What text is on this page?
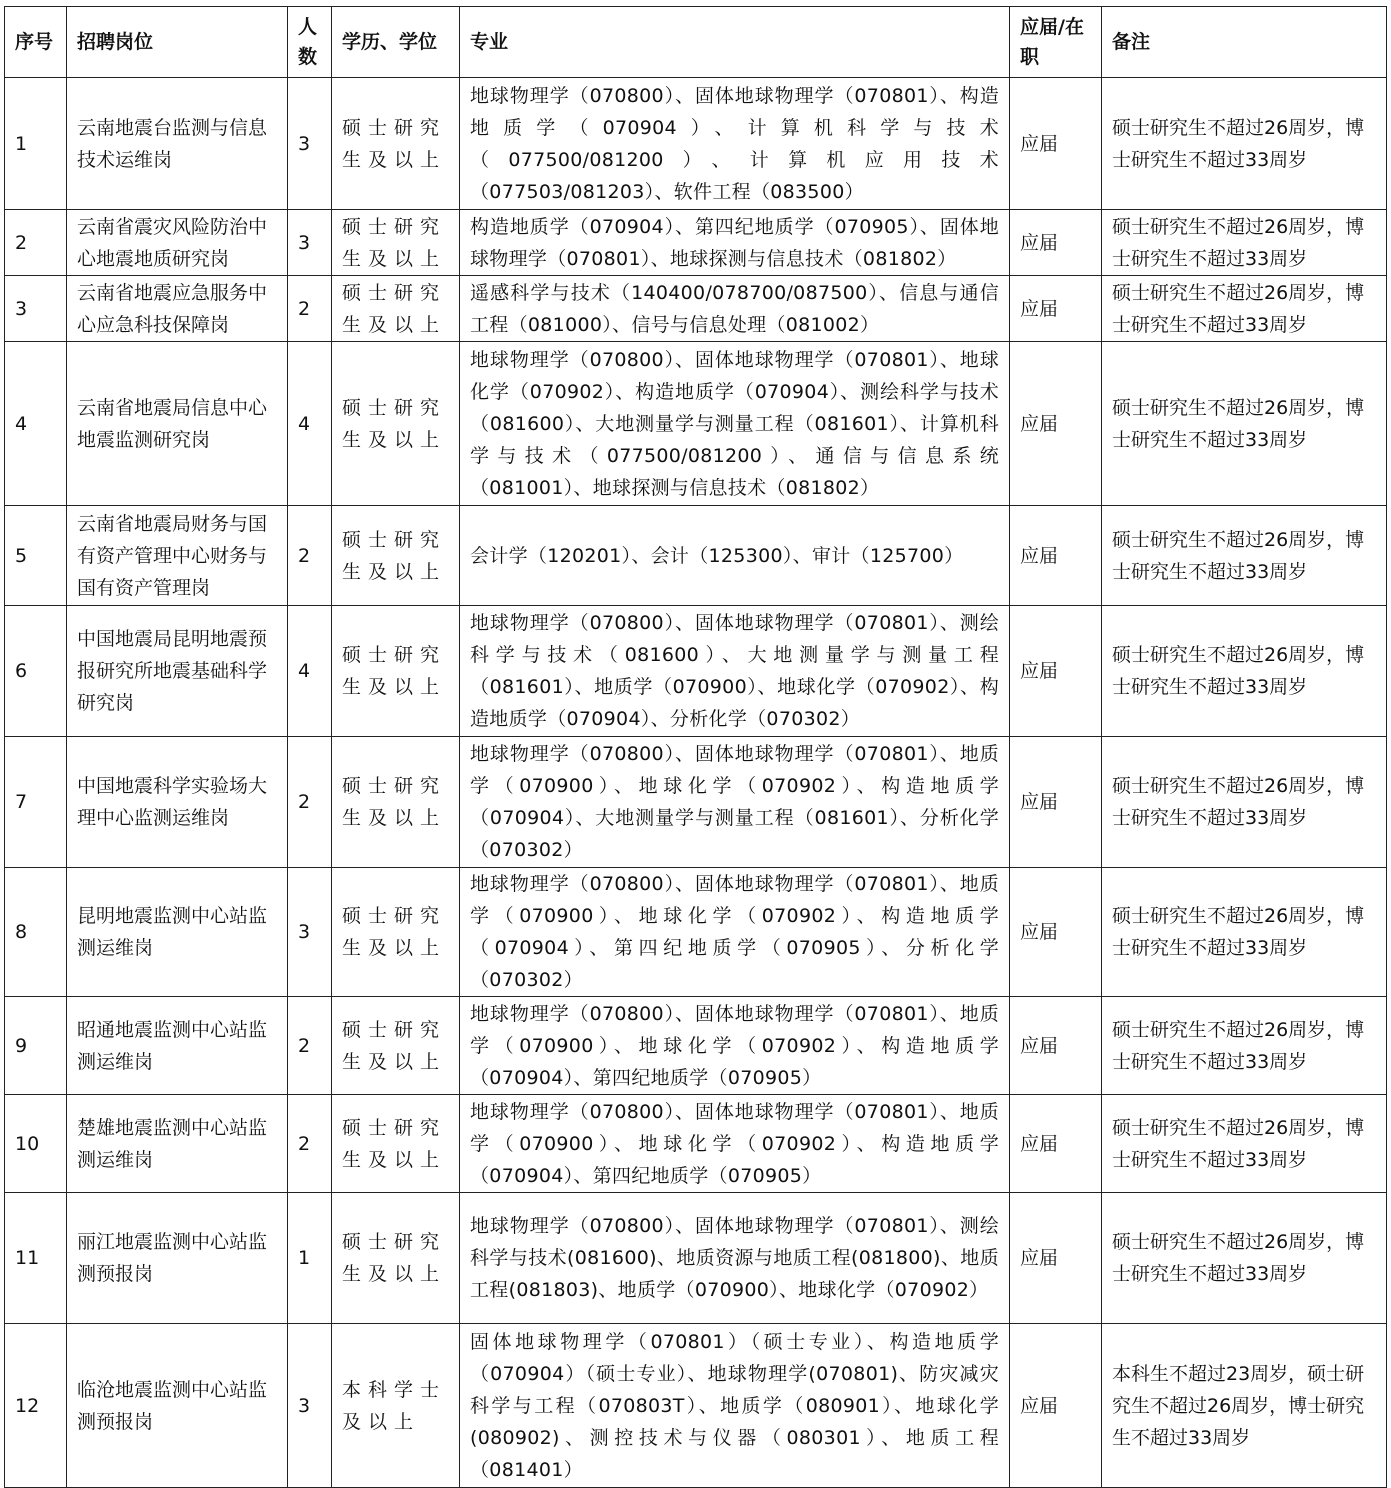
序号	招聘岗位	人数	学历、学位	专业	应届/在职	备注
1	云南地震台监测与信息技术运维岗	3	硕士研究生及以上	地球物理学（070800）、固体地球物理学（070801）、构造地质学（070904）、计算机科学与技术（077500/081200）、计算机应用技术（077503/081203）、软件工程（083500）	应届	硕士研究生不超过26周岁，博士研究生不超过33周岁
2	云南省震灾风险防治中心地震地质研究岗	3	硕士研究生及以上	构造地质学（070904）、第四纪地质学（070905）、固体地球物理学（070801）、地球探测与信息技术（081802）	应届	硕士研究生不超过26周岁，博士研究生不超过33周岁
3	云南省地震应急服务中心应急科技保障岗	2	硕士研究生及以上	遥感科学与技术（140400/078700/087500）、信息与通信工程（081000）、信号与信息处理（081002）	应届	硕士研究生不超过26周岁，博士研究生不超过33周岁
4	云南省地震局信息中心地震监测研究岗	4	硕士研究生及以上	地球物理学（070800）、固体地球物理学（070801）、地球化学（070902）、构造地质学（070904）、测绘科学与技术（081600）、大地测量学与测量工程（081601）、计算机科学与技术（077500/081200）、通信与信息系统（081001）、地球探测与信息技术（081802）	应届	硕士研究生不超过26周岁，博士研究生不超过33周岁
5	云南省地震局财务与国有资产管理中心财务与国有资产管理岗	2	硕士研究生及以上	会计学（120201）、会计（125300）、审计（125700）	应届	硕士研究生不超过26周岁，博士研究生不超过33周岁
6	中国地震局昆明地震预报研究所地震基础科学研究岗	4	硕士研究生及以上	地球物理学（070800）、固体地球物理学（070801）、测绘科学与技术（081600）、大地测量学与测量工程（081601）、地质学（070900）、地球化学（070902）、构造地质学（070904）、分析化学（070302）	应届	硕士研究生不超过26周岁，博士研究生不超过33周岁
7	中国地震科学实验场大理中心监测运维岗	2	硕士研究生及以上	地球物理学（070800）、固体地球物理学（070801）、地质学（070900）、地球化学（070902）、构造地质学（070904）、大地测量学与测量工程（081601）、分析化学（070302）	应届	硕士研究生不超过26周岁，博士研究生不超过33周岁
8	昆明地震监测中心站监测运维岗	3	硕士研究生及以上	地球物理学（070800）、固体地球物理学（070801）、地质学（070900）、地球化学（070902）、构造地质学（070904）、第四纪地质学（070905）、分析化学（070302）	应届	硕士研究生不超过26周岁，博士研究生不超过33周岁
9	昭通地震监测中心站监测运维岗	2	硕士研究生及以上	地球物理学（070800）、固体地球物理学（070801）、地质学（070900）、地球化学（070902）、构造地质学（070904）、第四纪地质学（070905）	应届	硕士研究生不超过26周岁，博士研究生不超过33周岁
10	楚雄地震监测中心站监测运维岗	2	硕士研究生及以上	地球物理学（070800）、固体地球物理学（070801）、地质学（070900）、地球化学（070902）、构造地质学（070904）、第四纪地质学（070905）	应届	硕士研究生不超过26周岁，博士研究生不超过33周岁
11	丽江地震监测中心站监测预报岗	1	硕士研究生及以上	地球物理学（070800）、固体地球物理学（070801）、测绘科学与技术(081600)、地质资源与地质工程(081800)、地质工程(081803)、地质学（070900）、地球化学（070902）	应届	硕士研究生不超过26周岁，博士研究生不超过33周岁
12	临沧地震监测中心站监测预报岗	3	本科学士及以上	固体地球物理学（070801）（硕士专业）、构造地质学（070904）（硕士专业）、地球物理学(070801)、防灾减灾科学与工程（070803T）、地质学（080901）、地球化学(080902)、测控技术与仪器（080301）、地质工程（081401）	应届	本科生不超过23周岁，硕士研究生不超过26周岁，博士研究生不超过33周岁
